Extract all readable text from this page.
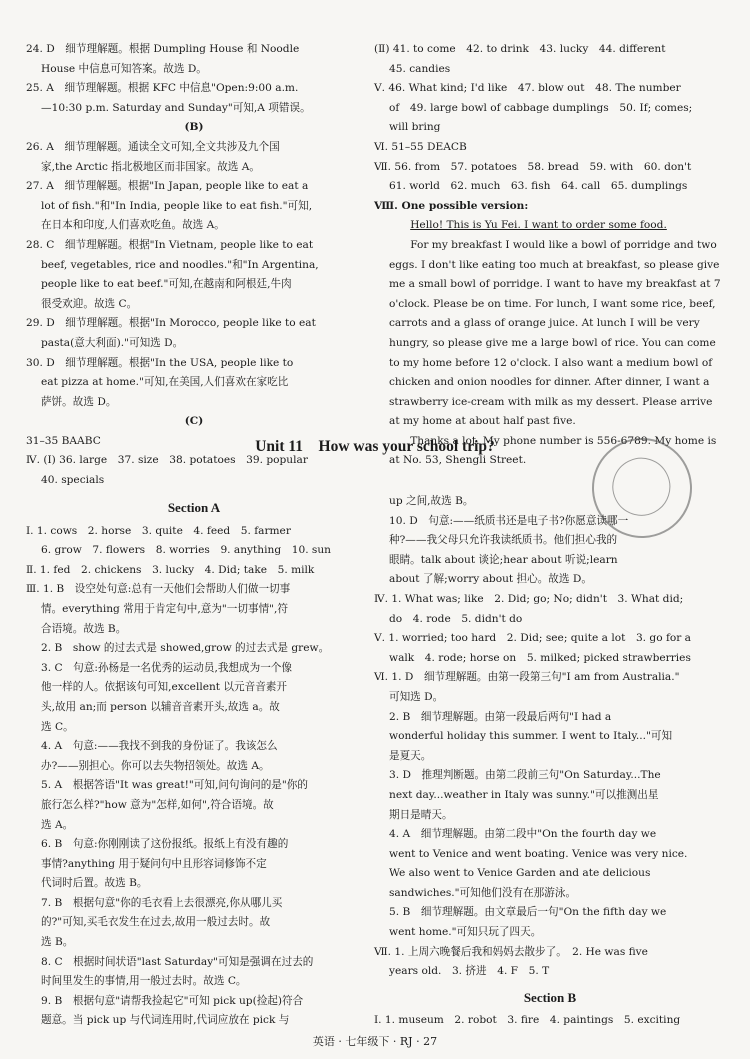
24. D　细节理解题。根据 Dumpling House 和 Noodle

House 中信息可知答案。故选 D。

25. A　细节理解题。根据 KFC 中信息"Open:9:00 a.m.

—10:30 p.m. Saturday and Sunday"可知,A 项错误。

(B)

26. A　细节理解题。通读全文可知,全文共涉及九个国

家,the Arctic 指北极地区而非国家。故选 A。

27. A　细节理解题。根据"In Japan, people like to eat a

lot of fish."和"In India, people like to eat fish."可知,

在日本和印度,人们喜欢吃鱼。故选 A。

28. C　细节理解题。根据"In Vietnam, people like to eat

beef, vegetables, rice and noodles."和"In Argentina,

people like to eat beef."可知,在越南和阿根廷,牛肉

很受欢迎。故选 C。

29. D　细节理解题。根据"In Morocco, people like to eat

pasta(意大利面)."可知选 D。

30. D　细节理解题。根据"In the USA, people like to

eat pizza at home."可知,在美国,人们喜欢在家吃比

萨饼。故选 D。

(C)

31–35 BAABC

Ⅳ. (Ⅰ) 36. large　37. size　38. potatoes　39. popular

40. specials

(Ⅱ) 41. to come　42. to drink　43. lucky　44. different

45. candies

Ⅴ. 46. What kind; I'd like　47. blow out　48. The number

of　49. large bowl of cabbage dumplings　50. If; comes;

will bring

Ⅵ. 51–55 DEACB

Ⅶ. 56. from　57. potatoes　58. bread　59. with　60. don't

61. world　62. much　63. fish　64. call　65. dumplings

Ⅷ. One possible version:

Hello! This is Yu Fei. I want to order some food.

For my breakfast I would like a bowl of porridge and two eggs. I don't like eating too much at breakfast, so please give me a small bowl of porridge. I want to have my breakfast at 7 o'clock. Please be on time. For lunch, I want some rice, beef, carrots and a glass of orange juice. At lunch I will be very hungry, so please give me a large bowl of rice. You can come to my home before 12 o'clock. I also want a medium bowl of chicken and onion noodles for dinner. After dinner, I want a strawberry ice-cream with milk as my dessert. Please arrive at my home at about half past five.

Thanks a lot. My phone number is 556-6789. My home is at No. 53, Shengli Street.

Unit 11　How was your school trip?
Section A

Ⅰ. 1. cows　2. horse　3. quite　4. feed　5. farmer

6. grow　7. flowers　8. worries　9. anything　10. sun

Ⅱ. 1. fed　2. chickens　3. lucky　4. Did; take　5. milk

Ⅲ. 1. B　设空处句意:总有一天他们会帮助人们做一切事

情。everything 常用于肯定句中,意为"一切事情",符

合语境。故选 B。

2. B　show 的过去式是 showed,grow 的过去式是 grew。

3. C　句意:孙杨是一名优秀的运动员,我想成为一个像

他一样的人。依据该句可知,excellent 以元音音素开

头,故用 an;而 person 以辅音音素开头,故选 a。故

选 C。

4. A　句意:——我找不到我的身份证了。我该怎么

办?——别担心。你可以去失物招领处。故选 A。

5. A　根据答语"It was great!"可知,问句询问的是"你的

旅行怎么样?"how 意为"怎样,如何",符合语境。故

选 A。

6. B　句意:你刚刚读了这份报纸。报纸上有没有趣的

事情?anything 用于疑问句中且形容词修饰不定

代词时后置。故选 B。

7. B　根据句意"你的毛衣看上去很漂亮,你从哪儿买

的?"可知,买毛衣发生在过去,故用一般过去时。故

选 B。

8. C　根据时间状语"last Saturday"可知是强调在过去的

时间里发生的事情,用一般过去时。故选 C。

9. B　根据句意"请帮我捡起它"可知 pick up(捡起)符合

题意。当 pick up 与代词连用时,代词应放在 pick 与

up 之间,故选 B。

10. D　句意:——纸质书还是电子书?你愿意读哪一

种?——我父母只允许我读纸质书。他们担心我的

眼睛。talk about 谈论;hear about 听说;learn

about 了解;worry about 担心。故选 D。

Ⅳ. 1. What was; like　2. Did; go; No; didn't　3. What did;

do　4. rode　5. didn't do

Ⅴ. 1. worried; too hard　2. Did; see; quite a lot　3. go for a

walk　4. rode; horse on　5. milked; picked strawberries

Ⅵ. 1. D　细节理解题。由第一段第三句"I am from Australia."

可知选 D。

2. B　细节理解题。由第一段最后两句"I had a

wonderful holiday this summer. I went to Italy..."可知

是夏天。

3. D　推理判断题。由第二段前三句"On Saturday...The

next day...weather in Italy was sunny."可以推测出星

期日是晴天。

4. A　细节理解题。由第二段中"On the fourth day we

went to Venice and went boating. Venice was very nice.

We also went to Venice Garden and ate delicious

sandwiches."可知他们没有在那游泳。

5. B　细节理解题。由文章最后一句"On the fifth day we

went home."可知只玩了四天。

Ⅶ. 1. 上周六晚餐后我和妈妈去散步了。　2. He was five

years old.　3. 挤进　4. F　5. T

Section B

Ⅰ. 1. museum　2. robot　3. fire　4. paintings　5. exciting

英语 · 七年级下 · RJ · 27
